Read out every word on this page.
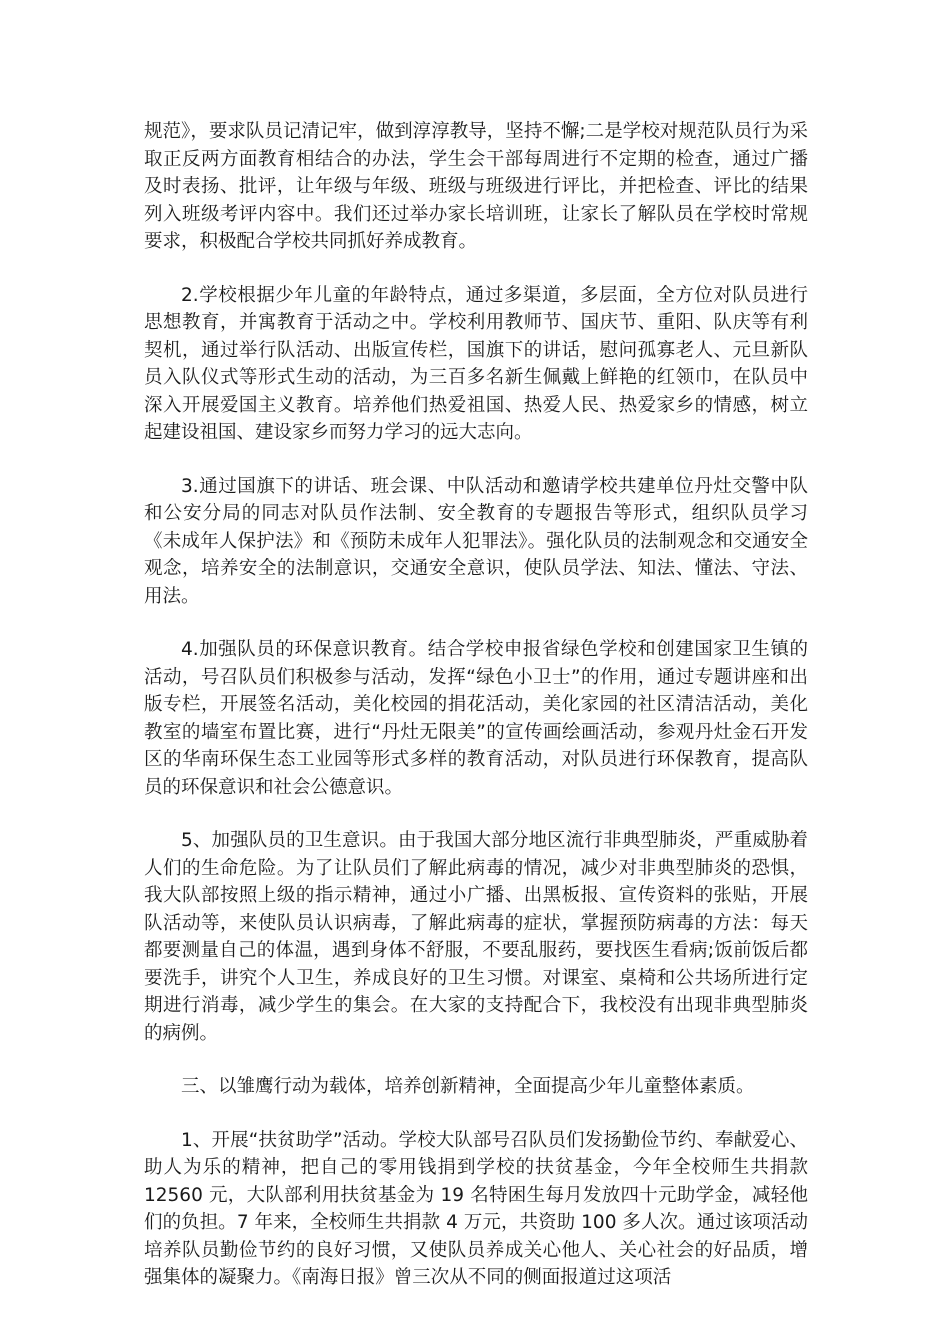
规范》，要求队员记清记牢，做到淳淳教导，坚持不懈;二是学校对规范队员行为采取正反两方面教育相结合的办法，学生会干部每周进行不定期的检查，通过广播及时表扬、批评，让年级与年级、班级与班级进行评比，并把检查、评比的结果列入班级考评内容中。我们还过举办家长培训班，让家长了解队员在学校时常规要求，积极配合学校共同抓好养成教育。

2.学校根据少年儿童的年龄特点，通过多渠道，多层面，全方位对队员进行思想教育，并寓教育于活动之中。学校利用教师节、国庆节、重阳、队庆等有利契机，通过举行队活动、出版宣传栏，国旗下的讲话，慰问孤寡老人、元旦新队员入队仪式等形式生动的活动，为三百多名新生佩戴上鲜艳的红领巾，在队员中深入开展爱国主义教育。培养他们热爱祖国、热爱人民、热爱家乡的情感，树立起建设祖国、建设家乡而努力学习的远大志向。

3.通过国旗下的讲话、班会课、中队活动和邀请学校共建单位丹灶交警中队和公安分局的同志对队员作法制、安全教育的专题报告等形式，组织队员学习《未成年人保护法》和《预防未成年人犯罪法》。强化队员的法制观念和交通安全观念，培养安全的法制意识，交通安全意识，使队员学法、知法、懂法、守法、用法。

4.加强队员的环保意识教育。结合学校申报省绿色学校和创建国家卫生镇的活动，号召队员们积极参与活动，发挥“绿色小卫士”的作用，通过专题讲座和出版专栏，开展签名活动，美化校园的捐花活动，美化家园的社区清洁活动，美化教室的墙室布置比赛，进行“丹灶无限美”的宣传画绘画活动，参观丹灶金石开发区的华南环保生态工业园等形式多样的教育活动，对队员进行环保教育，提高队员的环保意识和社会公德意识。

5、加强队员的卫生意识。由于我国大部分地区流行非典型肺炎，严重威胁着人们的生命危险。为了让队员们了解此病毒的情况，减少对非典型肺炎的恐惧，我大队部按照上级的指示精神，通过小广播、出黑板报、宣传资料的张贴，开展队活动等，来使队员认识病毒，了解此病毒的症状，掌握预防病毒的方法：每天都要测量自己的体温，遇到身体不舒服，不要乱服药，要找医生看病;饭前饭后都要洗手，讲究个人卫生，养成良好的卫生习惯。对课室、桌椅和公共场所进行定期进行消毒，减少学生的集会。在大家的支持配合下，我校没有出现非典型肺炎的病例。

三、以雏鹰行动为载体，培养创新精神，全面提高少年儿童整体素质。

1、开展“扶贫助学”活动。学校大队部号召队员们发扬勤俭节约、奉献爱心、助人为乐的精神，把自己的零用钱捐到学校的扶贫基金，今年全校师生共捐款 12560 元，大队部利用扶贫基金为 19 名特困生每月发放四十元助学金，减轻他们的负担。7 年来，全校师生共捐款 4 万元，共资助 100 多人次。通过该项活动培养队员勤俭节约的良好习惯，又使队员养成关心他人、关心社会的好品质，增强集体的凝聚力。《南海日报》曾三次从不同的侧面报道过这项活
